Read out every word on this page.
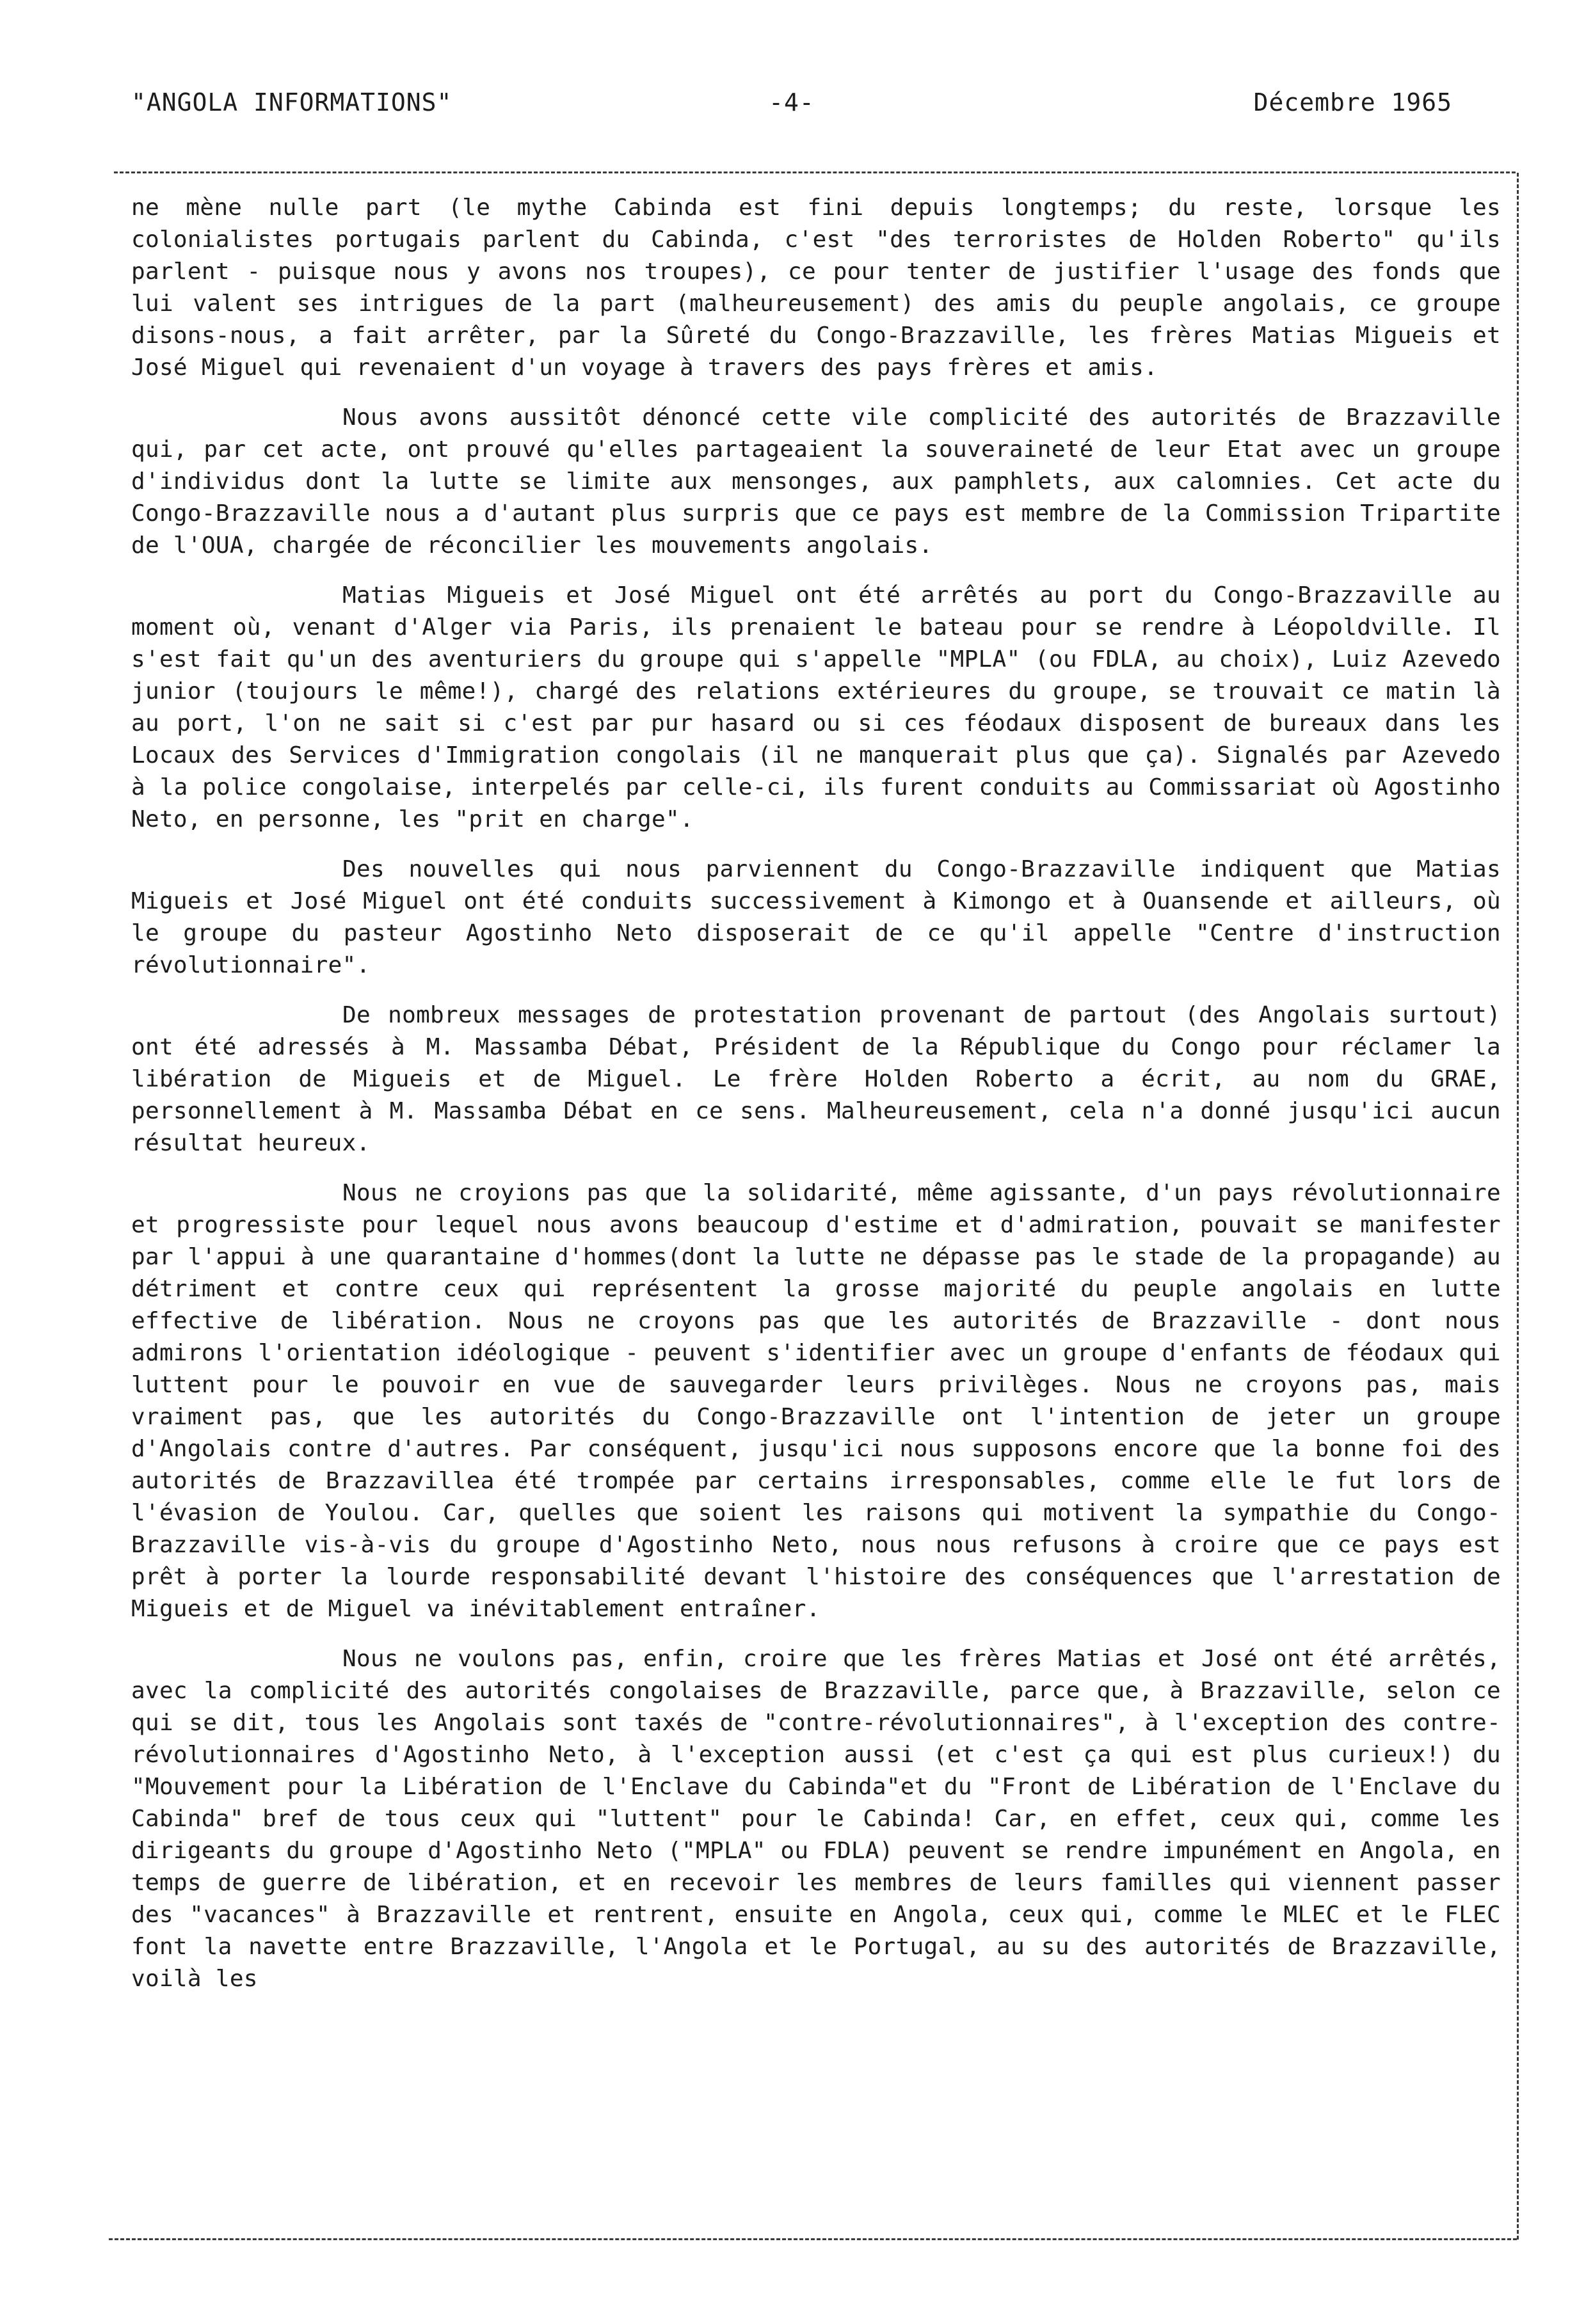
"ANGOLA INFORMATIONS"	-4-	Décembre 1965

ne mène nulle part (le mythe Cabinda est fini depuis longtemps; du reste, lorsque les colonialistes portugais parlent du Cabinda, c'est "des terroristes de Holden Roberto" qu'ils parlent - puisque nous y avons nos troupes), ce pour tenter de justifier l'usage des fonds que lui valent ses intrigues de la part (malheureusement) des amis du peuple angolais, ce groupe disons-nous, a fait arrêter, par la Sûreté du Congo-Brazzaville, les frères Matias Migueis et José Miguel qui revenaient d'un voyage à travers des pays frères et amis.

Nous avons aussitôt dénoncé cette vile complicité des autorités de Brazzaville qui, par cet acte, ont prouvé qu'elles partageaient la souveraineté de leur Etat avec un groupe d'individus dont la lutte se limite aux mensonges, aux pamphlets, aux calomnies. Cet acte du Congo-Brazzaville nous a d'autant plus surpris que ce pays est membre de la Commission Tripartite de l'OUA, chargée de réconcilier les mouvements angolais.

Matias Migueis et José Miguel ont été arrêtés au port du Congo-Brazzaville au moment où, venant d'Alger via Paris, ils prenaient le bateau pour se rendre à Léopoldville. Il s'est fait qu'un des aventuriers du groupe qui s'appelle "MPLA" (ou FDLA, au choix), Luiz Azevedo junior (toujours le même!), chargé des relations extérieures du groupe, se trouvait ce matin là au port, l'on ne sait si c'est par pur hasard ou si ces féodaux disposent de bureaux dans les Locaux des Services d'Immigration congolais (il ne manquerait plus que ça). Signalés par Azevedo à la police congolaise, interpelés par celle-ci, ils furent conduits au Commissariat où Agostinho Neto, en personne, les "prit en charge".

Des nouvelles qui nous parviennent du Congo-Brazzaville indiquent que Matias Migueis et José Miguel ont été conduits successivement à Kimongo et à Ouansende et ailleurs, où le groupe du pasteur Agostinho Neto disposerait de ce qu'il appelle "Centre d'instruction révolutionnaire".

De nombreux messages de protestation provenant de partout (des Angolais surtout) ont été adressés à M. Massamba Débat, Président de la République du Congo pour réclamer la libération de Migueis et de Miguel. Le frère Holden Roberto a écrit, au nom du GRAE, personnellement à M. Massamba Débat en ce sens. Malheureusement, cela n'a donné jusqu'ici aucun résultat heureux.

Nous ne croyions pas que la solidarité, même agissante, d'un pays révolutionnaire et progressiste pour lequel nous avons beaucoup d'estime et d'admiration, pouvait se manifester par l'appui à une quarantaine d'hommes(dont la lutte ne dépasse pas le stade de la propagande) au détriment et contre ceux qui représentent la grosse majorité du peuple angolais en lutte effective de libération. Nous ne croyons pas que les autorités de Brazzaville - dont nous admirons l'orientation idéologique - peuvent s'identifier avec un groupe d'enfants de féodaux qui luttent pour le pouvoir en vue de sauvegarder leurs privilèges. Nous ne croyons pas, mais vraiment pas, que les autorités du Congo-Brazzaville ont l'intention de jeter un groupe d'Angolais contre d'autres. Par conséquent, jusqu'ici nous supposons encore que la bonne foi des autorités de Brazzavillea été trompée par certains irresponsables, comme elle le fut lors de l'évasion de Youlou. Car, quelles que soient les raisons qui motivent la sympathie du Congo-Brazzaville vis-à-vis du groupe d'Agostinho Neto, nous nous refusons à croire que ce pays est prêt à porter la lourde responsabilité devant l'histoire des conséquences que l'arrestation de Migueis et de Miguel va inévitablement entraîner.

Nous ne voulons pas, enfin, croire que les frères Matias et José ont été arrêtés, avec la complicité des autorités congolaises de Brazzaville, parce que, à Brazzaville, selon ce qui se dit, tous les Angolais sont taxés de "contre-révolutionnaires", à l'exception des contre-révolutionnaires d'Agostinho Neto, à l'exception aussi (et c'est ça qui est plus curieux!) du "Mouvement pour la Libération de l'Enclave du Cabinda"et du "Front de Libération de l'Enclave du Cabinda" bref de tous ceux qui "luttent" pour le Cabinda! Car, en effet, ceux qui, comme les dirigeants du groupe d'Agostinho Neto ("MPLA" ou FDLA) peuvent se rendre impunément en Angola, en temps de guerre de libération, et en recevoir les membres de leurs familles qui viennent passer des "vacances" à Brazzaville et rentrent, ensuite en Angola, ceux qui, comme le MLEC et le FLEC font la navette entre Brazzaville, l'Angola et le Portugal, au su des autorités de Brazzaville, voilà les
